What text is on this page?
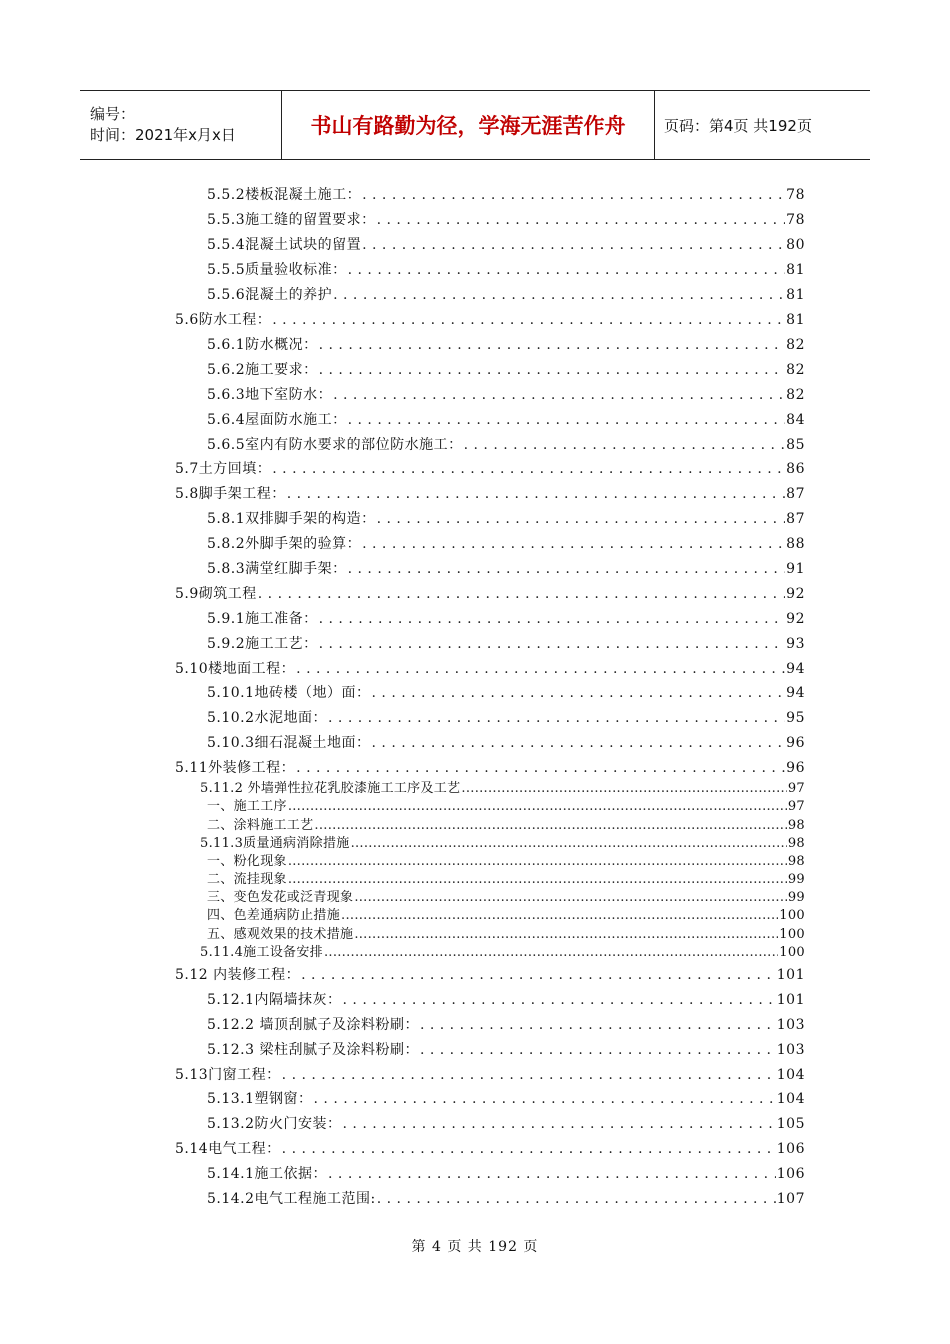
编号：
时间：2021年x月x日	书山有路勤为径，学海无涯苦作舟	页码：第4页 共192页
5.5.2楼板混凝土施工： . . .	78
5.5.3施工缝的留置要求： . . .	78
5.5.4混凝土试块的留置 . . .	80
5.5.5质量验收标准： . . .	81
5.5.6混凝土的养护 . . .	81
5.6防水工程： . . .	81
5.6.1防水概况： . . .	82
5.6.2施工要求： . . .	82
5.6.3地下室防水： . . .	82
5.6.4屋面防水施工： . . .	84
5.6.5室内有防水要求的部位防水施工： . . .	85
5.7土方回填： . . .	86
5.8脚手架工程： . . .	87
5.8.1双排脚手架的构造： . . .	87
5.8.2外脚手架的验算： . . .	88
5.8.3满堂红脚手架： . . .	91
5.9砌筑工程 . . .	92
5.9.1施工准备： . . .	92
5.9.2施工工艺： . . .	93
5.10楼地面工程： . . .	94
5.10.1地砖楼（地）面： . . .	94
5.10.2水泥地面： . . .	95
5.10.3细石混凝土地面： . . .	96
5.11外装修工程： . . .	96
5.11.2 外墙弹性拉花乳胶漆施工工序及工艺 .....	97
一、施工工序 .....	97
二、涂料施工工艺 .....	98
5.11.3质量通病消除措施 .....	98
一、粉化现象 .....	98
二、流挂现象 .....	99
三、变色发花或泛青现象 .....	99
四、色差通病防止措施 .....	100
五、感观效果的技术措施 .....	100
5.11.4施工设备安排 .....	100
5.12 内装修工程： . . .	101
5.12.1内隔墙抹灰： . . .	101
5.12.2 墙顶刮腻子及涂料粉刷： . . .	103
5.12.3 梁柱刮腻子及涂料粉刷： . . .	103
5.13门窗工程： . . .	104
5.13.1塑钢窗： . . .	104
5.13.2防火门安装： . . .	105
5.14电气工程： . . .	106
5.14.1施工依据： . . .	106
5.14.2电气工程施工范围: . . .	107
第 4 页 共 192 页
